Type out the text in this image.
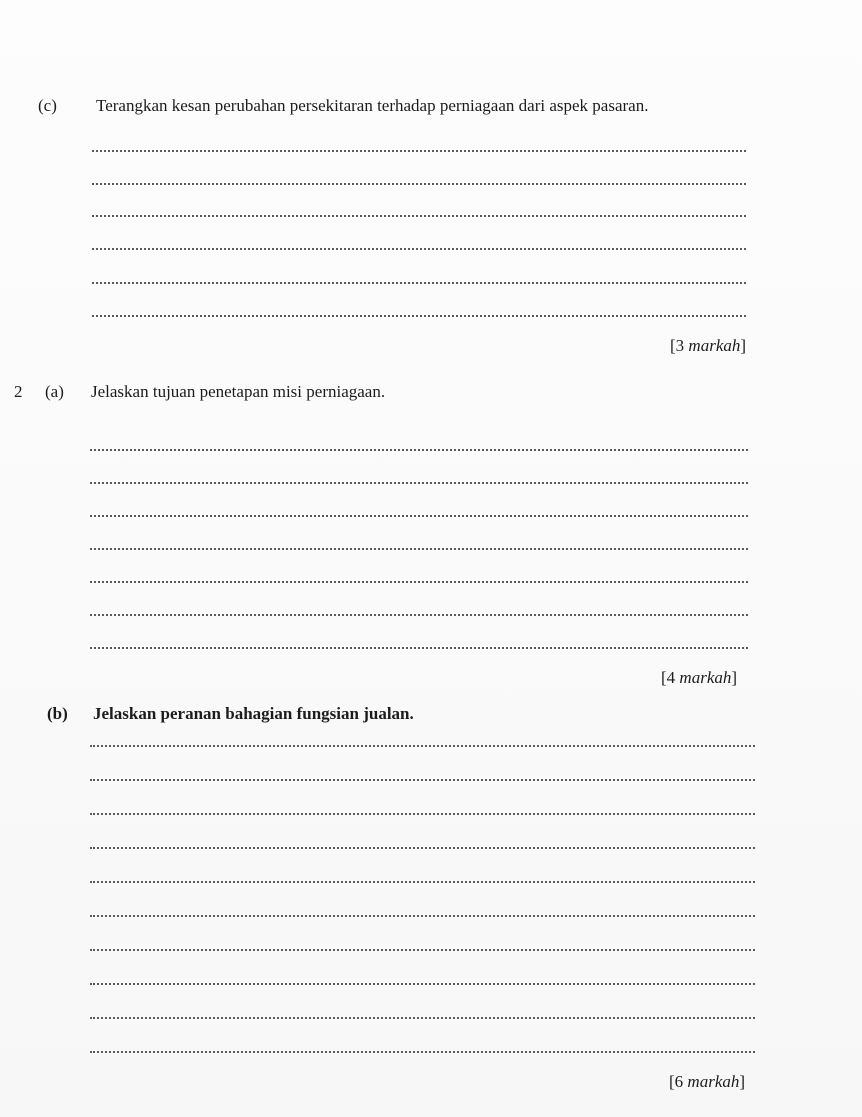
(c) Terangkan kesan perubahan persekitaran terhadap perniagaan dari aspek pasaran.
[3 markah]
2 (a) Jelaskan tujuan penetapan misi perniagaan.
[4 markah]
(b) Jelaskan peranan bahagian fungsian jualan.
[6 markah]
